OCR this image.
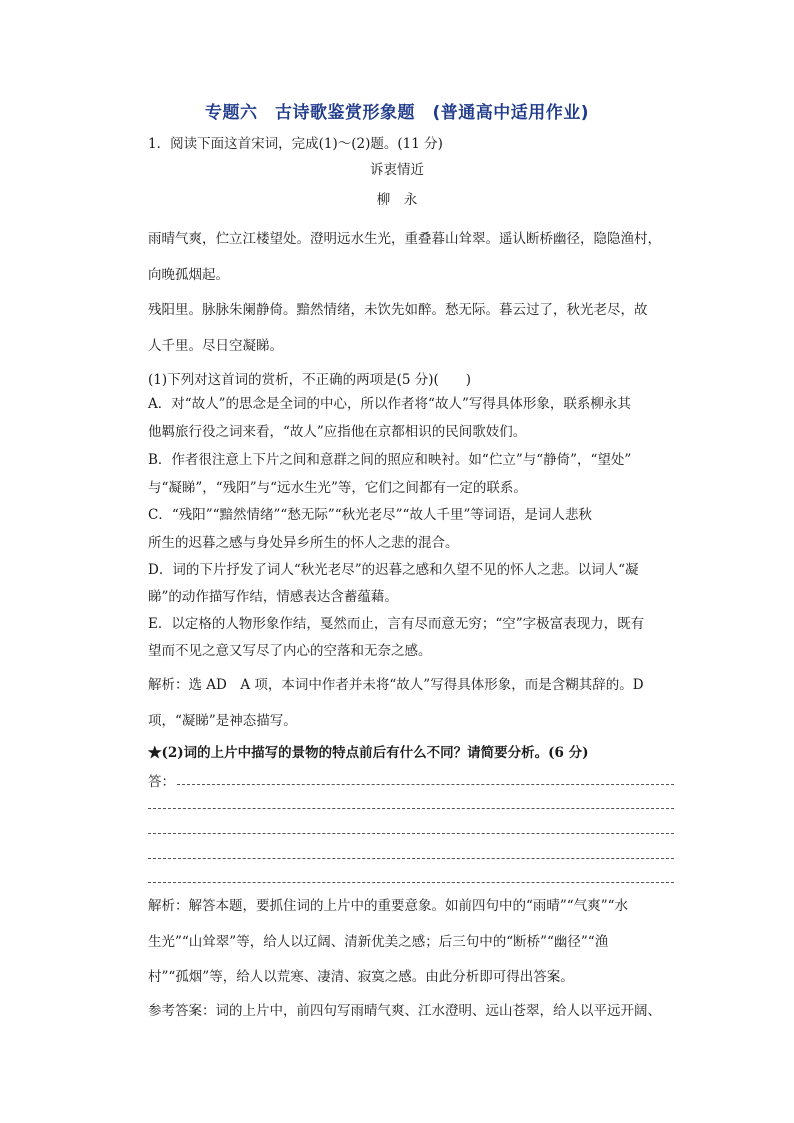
专题六　古诗歌鉴赏形象题　(普通高中适用作业)
1．阅读下面这首宋词，完成(1)～(2)题。(11 分)
诉衷情近
柳　永
雨晴气爽，伫立江楼望处。澄明远水生光，重叠暮山耸翠。遥认断桥幽径，隐隐渔村，
向晚孤烟起。
残阳里。脉脉朱阑静倚。黯然情绪，未饮先如醉。愁无际。暮云过了，秋光老尽，故
人千里。尽日空凝睇。
(1)下列对这首词的赏析，不正确的两项是(5 分)(　　)
A．对“故人”的思念是全词的中心，所以作者将“故人”写得具体形象，联系柳永其
他羁旅行役之词来看，“故人”应指他在京都相识的民间歌妓们。
B．作者很注意上下片之间和意群之间的照应和映衬。如“伫立”与“静倚”，“望处”
与“凝睇”，“残阳”与“远水生光”等，它们之间都有一定的联系。
C．“残阳”“黯然情绪”“愁无际”“秋光老尽”“故人千里”等词语，是词人悲秋
所生的迟暮之感与身处异乡所生的怀人之悲的混合。
D．词的下片抒发了词人“秋光老尽”的迟暮之感和久望不见的怀人之悲。以词人“凝
睇”的动作描写作结，情感表达含蓄蕴藉。
E．以定格的人物形象作结，戛然而止，言有尽而意无穷；“空”字极富表现力，既有
望而不见之意又写尽了内心的空落和无奈之感。
解析：选 AD　A 项，本词中作者并未将“故人”写得具体形象，而是含糊其辞的。D
项，“凝睇”是神态描写。
★(2)词的上片中描写的景物的特点前后有什么不同？请简要分析。(6 分)
答：
解析：解答本题，要抓住词的上片中的重要意象。如前四句中的“雨晴”“气爽”“水
生光”“山耸翠”等，给人以辽阔、清新优美之感；后三句中的“断桥”“幽径”“渔
村”“孤烟”等，给人以荒寒、凄清、寂寞之感。由此分析即可得出答案。
参考答案：词的上片中，前四句写雨晴气爽、江水澄明、远山苍翠，给人以平远开阔、
